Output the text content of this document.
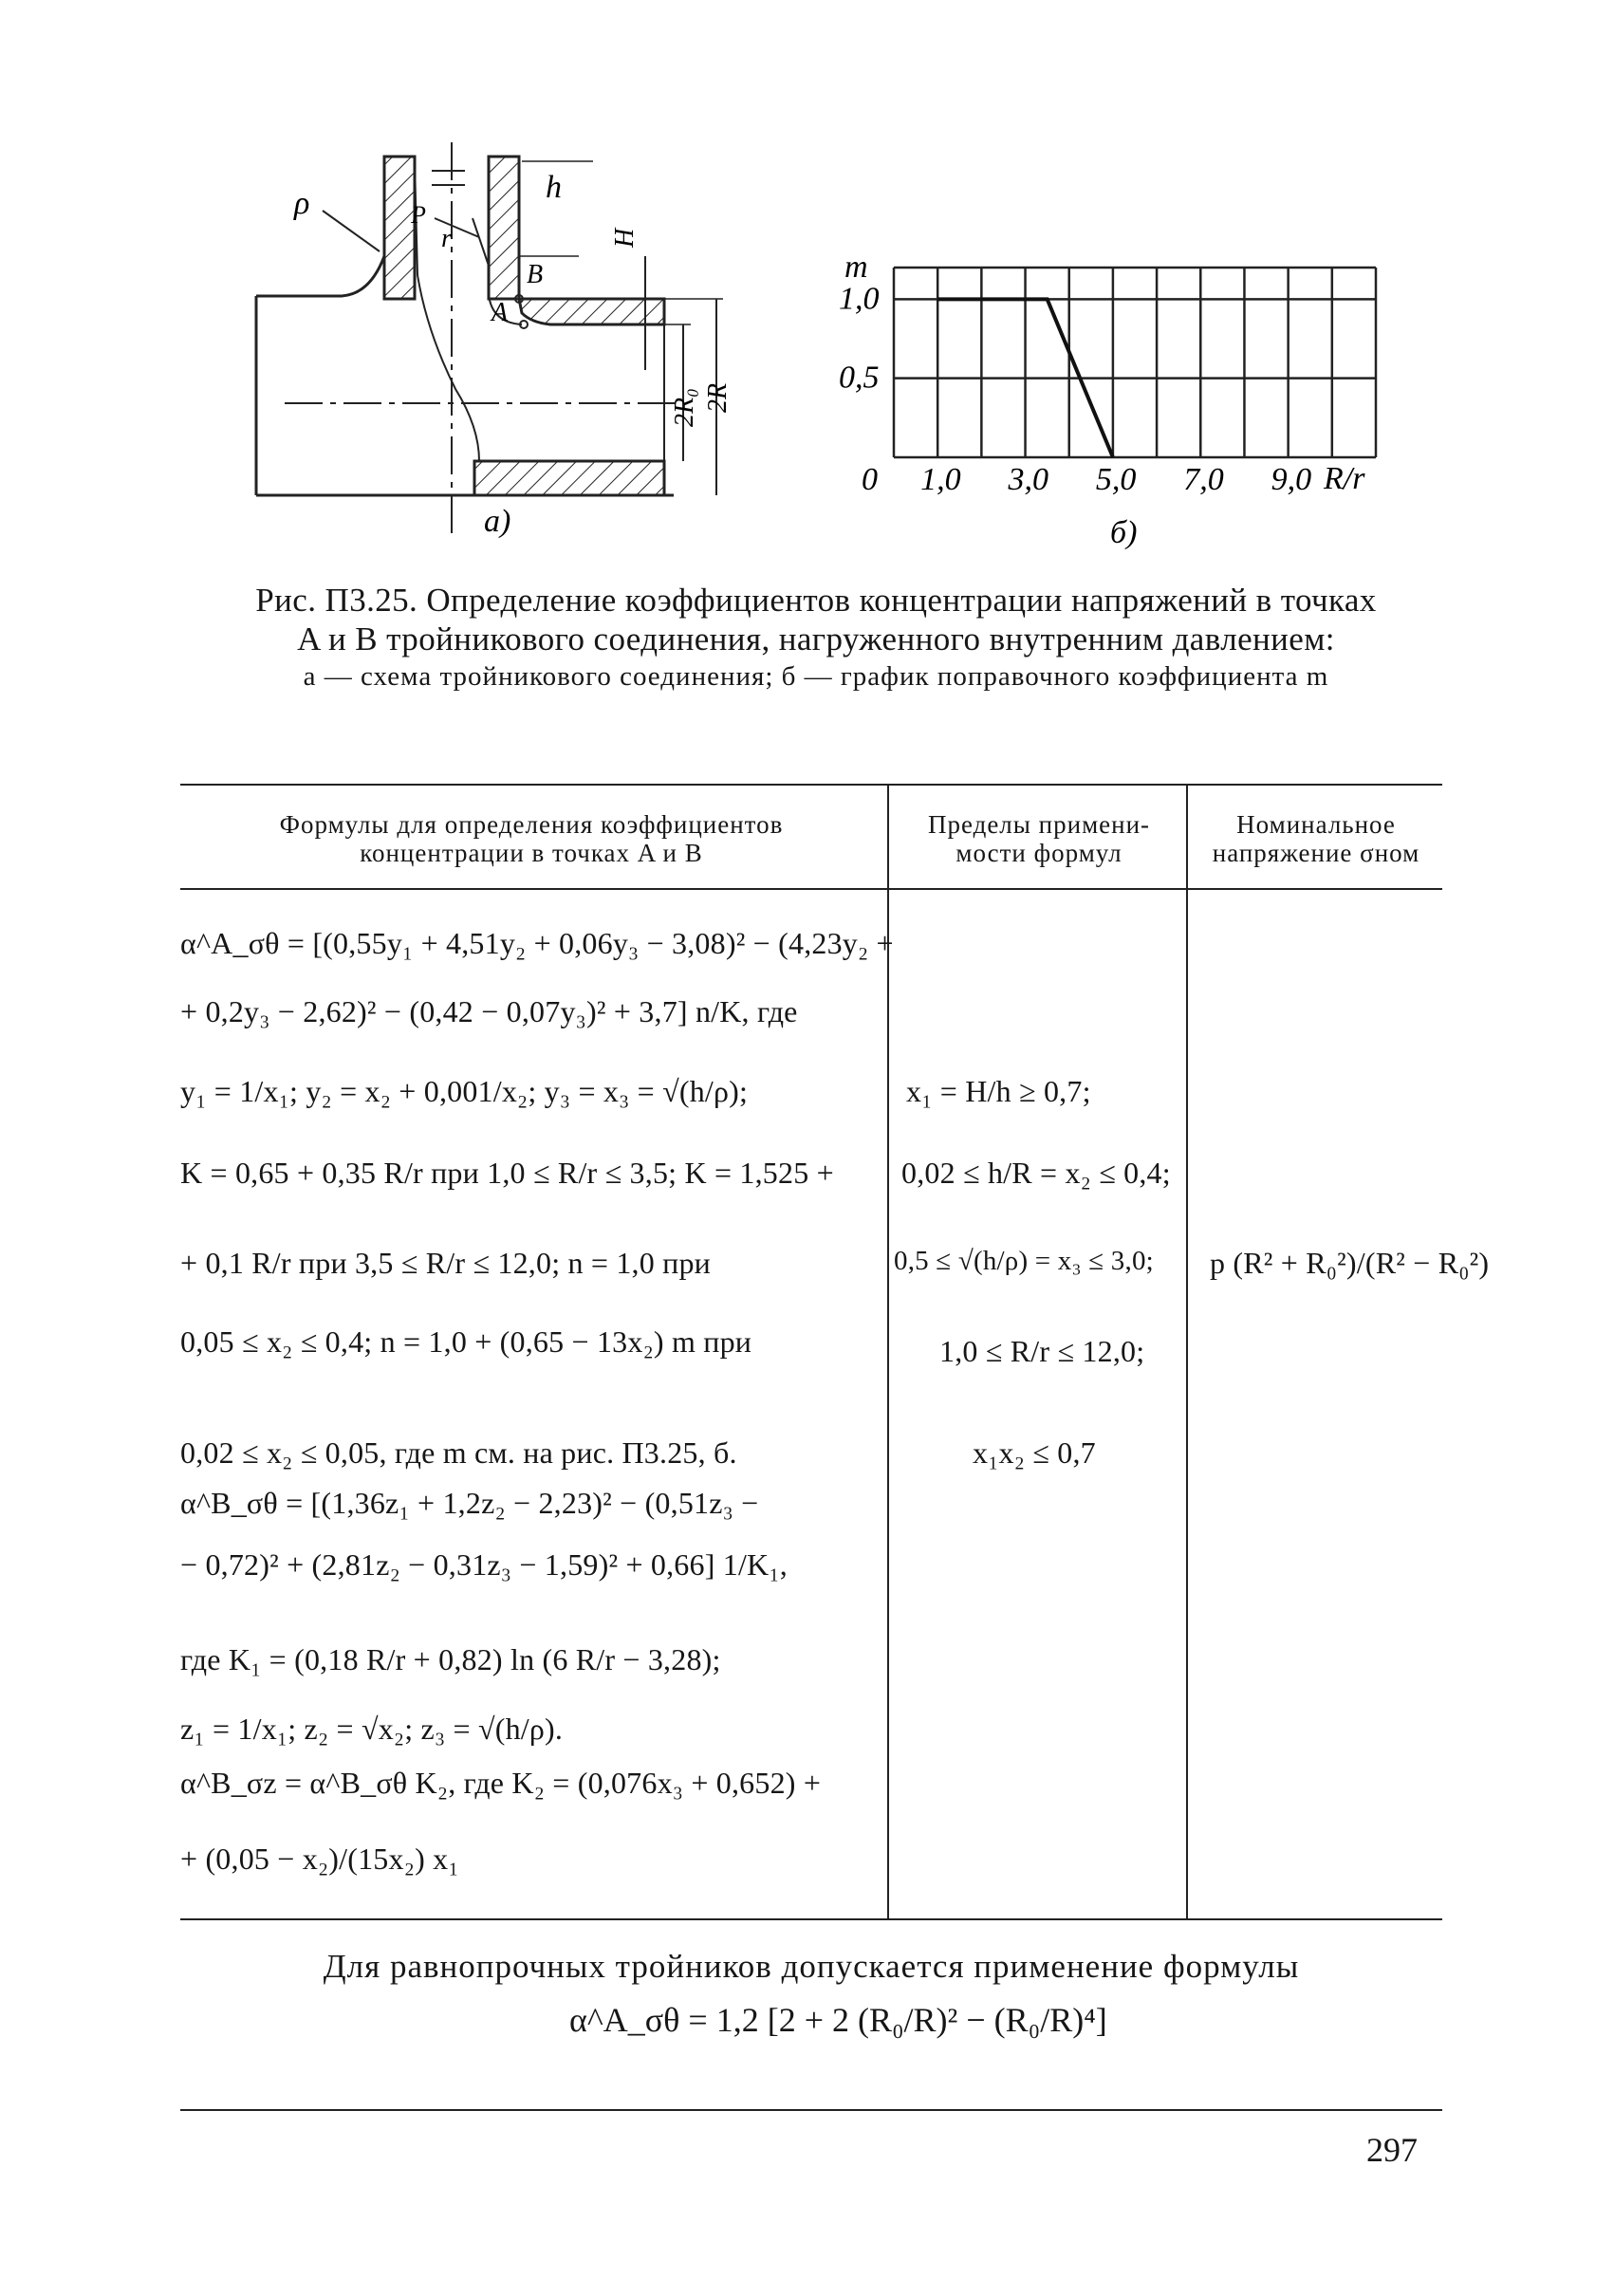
ρ	P
r
h
B
A
H
2R₀ 2R
а)
m
R/r
1,0
0,5
0 1,0 3,0 5,0 7,0 9,0
б)
Рис. П3.25. Определение коэффициентов концентрации напряжений в точках
A и B тройникового соединения, нагруженного внутренним давлением:
а — схема тройникового соединения; б — график поправочного коэффициента m
Формулы для определения коэффициентов концентрации в точках A и B
Пределы примени-мости формул
Номинальное напряжение σном
α^A_σθ = [(0,55y₁ + 4,51y₂ + 0,06y₃ − 3,08)² − (4,23y₂ +
+ 0,2y₃ − 2,62)² − (0,42 − 0,07y₃)² + 3,7] n/K, где
y₁ = 1/x₁; y₂ = x₂ + 0,001/x₂; y₃ = x₃ = √(h/ρ);
K = 0,65 + 0,35 R/r при 1,0 ≤ R/r ≤ 3,5; K = 1,525 +
+ 0,1 R/r при 3,5 ≤ R/r ≤ 12,0; n = 1,0 при
0,05 ≤ x₂ ≤ 0,4; n = 1,0 + (0,65 − 13x₂) m при
0,02 ≤ x₂ ≤ 0,05, где m см. на рис. П3.25, б.
α^B_σθ = [(1,36z₁ + 1,2z₂ − 2,23)² − (0,51z₃ −
− 0,72)² + (2,81z₂ − 0,31z₃ − 1,59)² + 0,66] 1/K₁,
где K₁ = (0,18 R/r + 0,82) ln (6 R/r − 3,28);
z₁ = 1/x₁; z₂ = √x₂; z₃ = √(h/ρ).
α^B_σz = α^B_σθ K₂, где K₂ = (0,076x₃ + 0,652) +
+ (0,05 − x₂)/(15x₂) x₁
x₁ = H/h ≥ 0,7;
0,02 ≤ h/R = x₂ ≤ 0,4;
0,5 ≤ √(h/ρ) = x₃ ≤ 3,0;
1,0 ≤ R/r ≤ 12,0;
x₁x₂ ≤ 0,7
p (R² + R₀²)/(R² − R₀²)
Для равнопрочных тройников допускается применение формулы
α^A_σθ = 1,2 [2 + 2 (R₀/R)² − (R₀/R)⁴]
297
